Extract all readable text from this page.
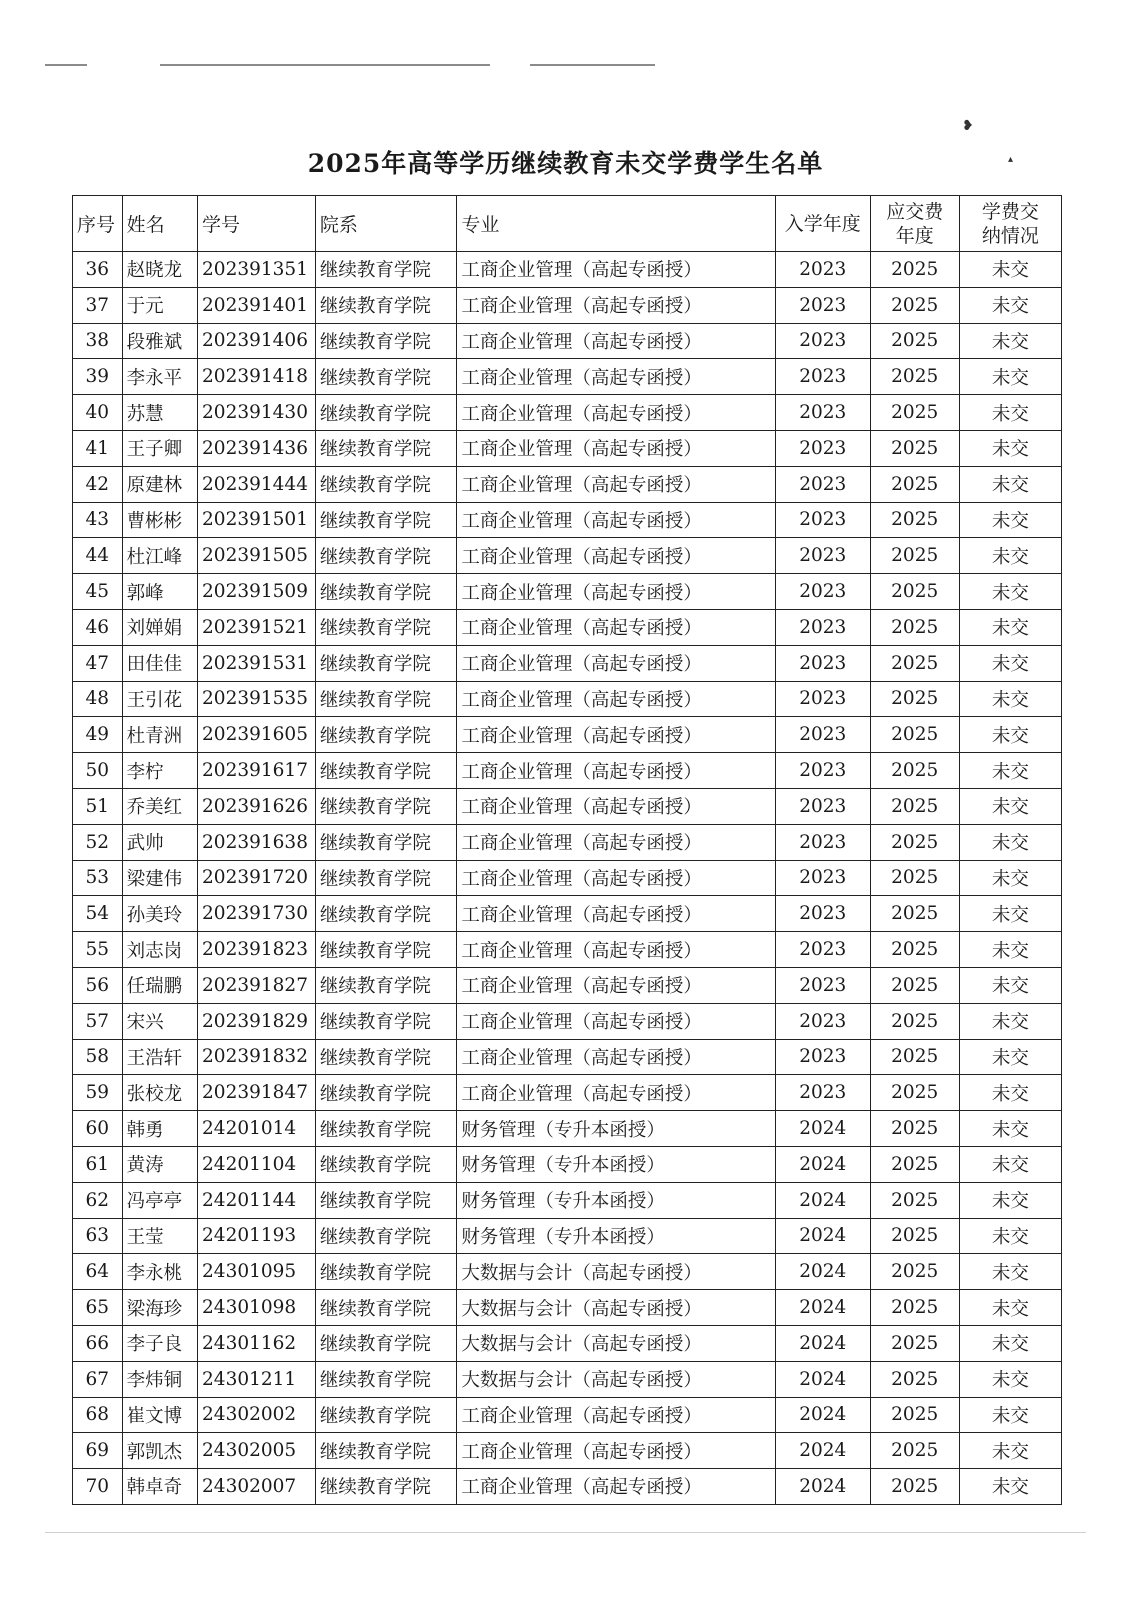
❥
▴
2025年高等学历继续教育未交学费学生名单
序号	姓名	学号	院系	专业	入学年度	应交费年度	学费交纳情况
36	赵晓龙	202391351	继续教育学院	工商企业管理（高起专函授）	2023	2025	未交
37	于元	202391401	继续教育学院	工商企业管理（高起专函授）	2023	2025	未交
38	段雅斌	202391406	继续教育学院	工商企业管理（高起专函授）	2023	2025	未交
39	李永平	202391418	继续教育学院	工商企业管理（高起专函授）	2023	2025	未交
40	苏慧	202391430	继续教育学院	工商企业管理（高起专函授）	2023	2025	未交
41	王子卿	202391436	继续教育学院	工商企业管理（高起专函授）	2023	2025	未交
42	原建林	202391444	继续教育学院	工商企业管理（高起专函授）	2023	2025	未交
43	曹彬彬	202391501	继续教育学院	工商企业管理（高起专函授）	2023	2025	未交
44	杜江峰	202391505	继续教育学院	工商企业管理（高起专函授）	2023	2025	未交
45	郭峰	202391509	继续教育学院	工商企业管理（高起专函授）	2023	2025	未交
46	刘婵娟	202391521	继续教育学院	工商企业管理（高起专函授）	2023	2025	未交
47	田佳佳	202391531	继续教育学院	工商企业管理（高起专函授）	2023	2025	未交
48	王引花	202391535	继续教育学院	工商企业管理（高起专函授）	2023	2025	未交
49	杜青洲	202391605	继续教育学院	工商企业管理（高起专函授）	2023	2025	未交
50	李柠	202391617	继续教育学院	工商企业管理（高起专函授）	2023	2025	未交
51	乔美红	202391626	继续教育学院	工商企业管理（高起专函授）	2023	2025	未交
52	武帅	202391638	继续教育学院	工商企业管理（高起专函授）	2023	2025	未交
53	梁建伟	202391720	继续教育学院	工商企业管理（高起专函授）	2023	2025	未交
54	孙美玲	202391730	继续教育学院	工商企业管理（高起专函授）	2023	2025	未交
55	刘志岗	202391823	继续教育学院	工商企业管理（高起专函授）	2023	2025	未交
56	任瑞鹏	202391827	继续教育学院	工商企业管理（高起专函授）	2023	2025	未交
57	宋兴	202391829	继续教育学院	工商企业管理（高起专函授）	2023	2025	未交
58	王浩轩	202391832	继续教育学院	工商企业管理（高起专函授）	2023	2025	未交
59	张校龙	202391847	继续教育学院	工商企业管理（高起专函授）	2023	2025	未交
60	韩勇	24201014	继续教育学院	财务管理（专升本函授）	2024	2025	未交
61	黄涛	24201104	继续教育学院	财务管理（专升本函授）	2024	2025	未交
62	冯亭亭	24201144	继续教育学院	财务管理（专升本函授）	2024	2025	未交
63	王莹	24201193	继续教育学院	财务管理（专升本函授）	2024	2025	未交
64	李永桃	24301095	继续教育学院	大数据与会计（高起专函授）	2024	2025	未交
65	梁海珍	24301098	继续教育学院	大数据与会计（高起专函授）	2024	2025	未交
66	李子良	24301162	继续教育学院	大数据与会计（高起专函授）	2024	2025	未交
67	李炜铜	24301211	继续教育学院	大数据与会计（高起专函授）	2024	2025	未交
68	崔文博	24302002	继续教育学院	工商企业管理（高起专函授）	2024	2025	未交
69	郭凯杰	24302005	继续教育学院	工商企业管理（高起专函授）	2024	2025	未交
70	韩卓奇	24302007	继续教育学院	工商企业管理（高起专函授）	2024	2025	未交
